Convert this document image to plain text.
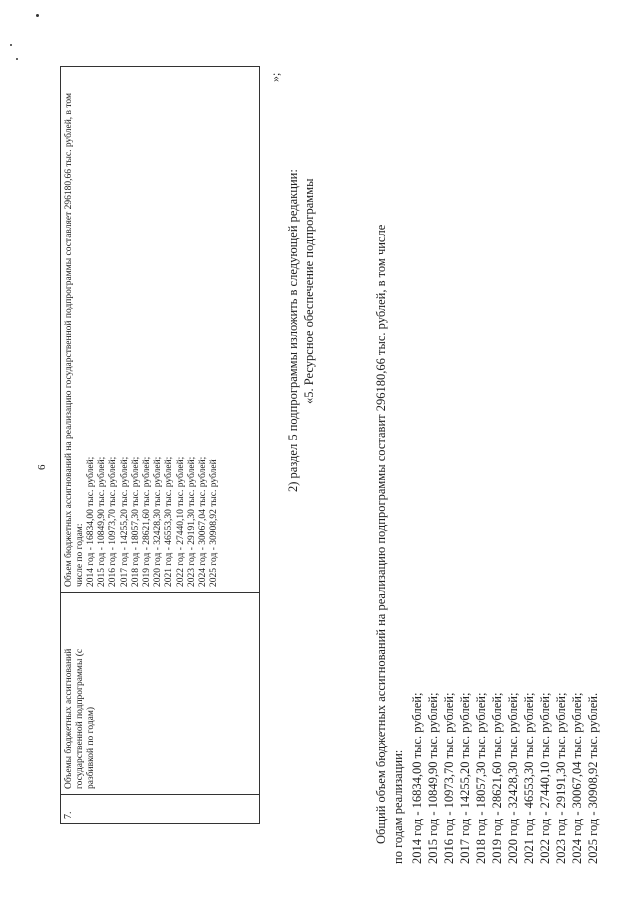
6
7.
Объемы бюджетных ассигнований государственной подпрограммы (с разбивкой по годам)
Объем бюджетных ассигнований на реализацию государственной подпрограммы составляет 296180,66 тыс. рублей, в том числе по годам: 2014 год - 16834,00 тыс. рублей; 2015 год - 10849,90 тыс. рублей; 2016 год - 10973,70 тыс. рублей; 2017 год - 14255,20 тыс. рублей; 2018 год - 18057,30 тыс. рублей; 2019 год - 28621,60 тыс. рублей; 2020 год - 32428,30 тыс. рублей; 2021 год - 46553,30 тыс. рублей; 2022 год - 27440,10 тыс. рублей; 2023 год - 29191,30 тыс. рублей; 2024 год - 30067,04 тыс. рублей; 2025 год - 30908,92 тыс. рублей
»;
2) раздел 5 подпрограммы изложить в следующей редакции: «5. Ресурсное обеспечение подпрограммы	Общий объем бюджетных ассигнований на реализацию подпрограммы составит 296180,66 тыс. рублей, в том числе по годам реализации: 2014 год - 16834,00 тыс. рублей; 2015 год - 10849,90 тыс. рублей; 2016 год - 10973,70 тыс. рублей; 2017 год - 14255,20 тыс. рублей; 2018 год - 18057,30 тыс. рублей; 2019 год - 28621,60 тыс. рублей; 2020 год - 32428,30 тыс. рублей; 2021 год - 46553,30 тыс. рублей; 2022 год - 27440,10 тыс. рублей; 2023 год - 29191,30 тыс. рублей; 2024 год - 30067,04 тыс. рублей; 2025 год - 30908,92 тыс. рублей.
